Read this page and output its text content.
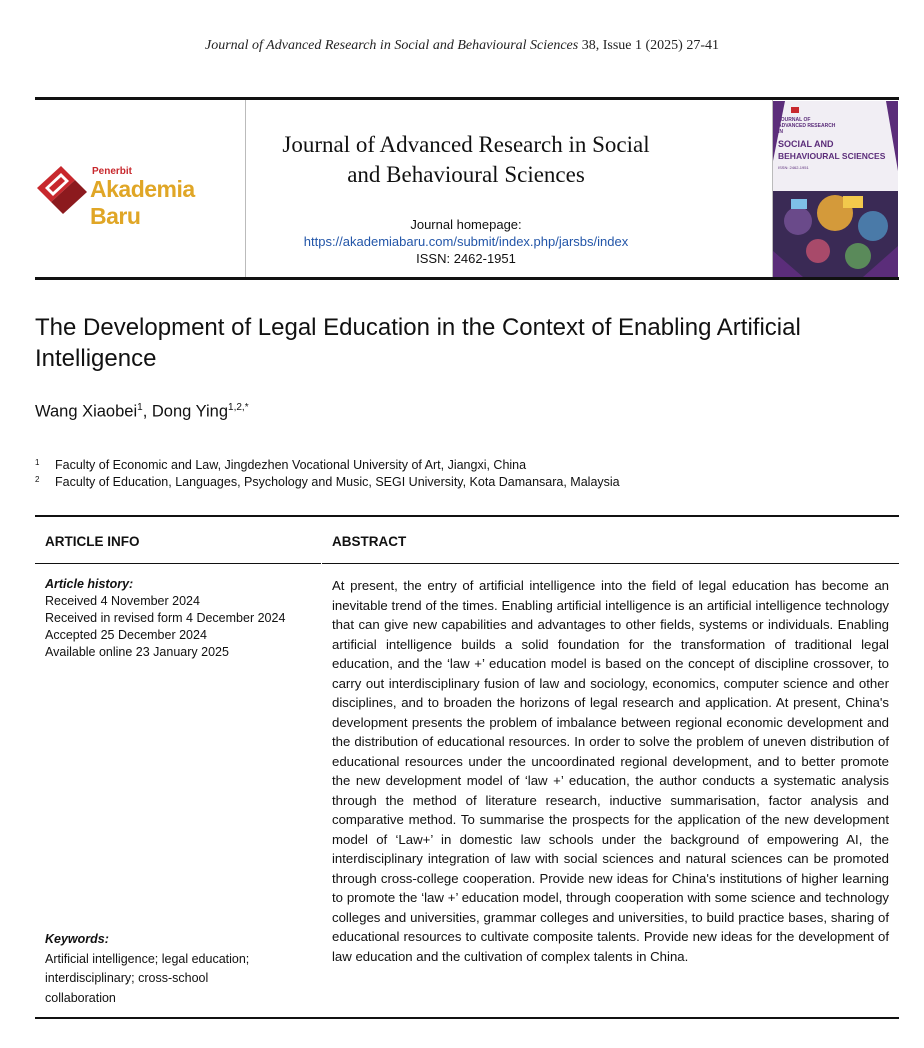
Journal of Advanced Research in Social and Behavioural Sciences 38, Issue 1 (2025) 27-41
Penerbit
Akademia Baru
Journal of Advanced Research in Social
and Behavioural Sciences
Journal homepage:
https://akademiabaru.com/submit/index.php/jarsbs/index
ISSN: 2462-1951
JOURNAL OF ADVANCED RESEARCH IN
SOCIAL AND
BEHAVIOURAL SCIENCES
ISSN: 2462-1951
The Development of Legal Education in the Context of Enabling Artificial
Intelligence
Wang Xiaobei$^1$, Dong Ying$^{1,2,*}$
1 Faculty of Economic and Law, Jingdezhen Vocational University of Art, Jiangxi, China
2 Faculty of Education, Languages, Psychology and Music, SEGI University, Kota Damansara, Malaysia
ARTICLE INFO	ABSTRACT
Article history:
Received 4 November 2024
Received in revised form 4 December 2024
Accepted 25 December 2024
Available online 23 January 2025
Keywords:
Artificial intelligence; legal education;
interdisciplinary; cross-school
collaboration
At present, the entry of artificial intelligence into the field of legal education has become an inevitable trend of the times. Enabling artificial intelligence is an artificial intelligence technology that can give new capabilities and advantages to other fields, systems or individuals. Enabling artificial intelligence builds a solid foundation for the transformation of traditional legal education, and the ‘law +’ education model is based on the concept of discipline crossover, to carry out interdisciplinary fusion of law and sociology, economics, computer science and other disciplines, and to broaden the horizons of legal research and application. At present, China's development presents the problem of imbalance between regional economic development and the distribution of educational resources. In order to solve the problem of uneven distribution of educational resources under the uncoordinated regional development, and to better promote the new development model of ‘law +’ education, the author conducts a systematic analysis through the method of literature research, inductive summarisation, factor analysis and comparative method. To summarise the prospects for the application of the new development model of ‘Law+’ in domestic law schools under the background of empowering AI, the interdisciplinary integration of law with social sciences and natural sciences can be promoted through cross-college cooperation. Provide new ideas for China's institutions of higher learning to promote the ‘law +’ education model, through cooperation with some science and technology colleges and universities, grammar colleges and universities, to build practice bases, sharing of educational resources to cultivate composite talents. Provide new ideas for the development of law education and the cultivation of complex talents in China.
